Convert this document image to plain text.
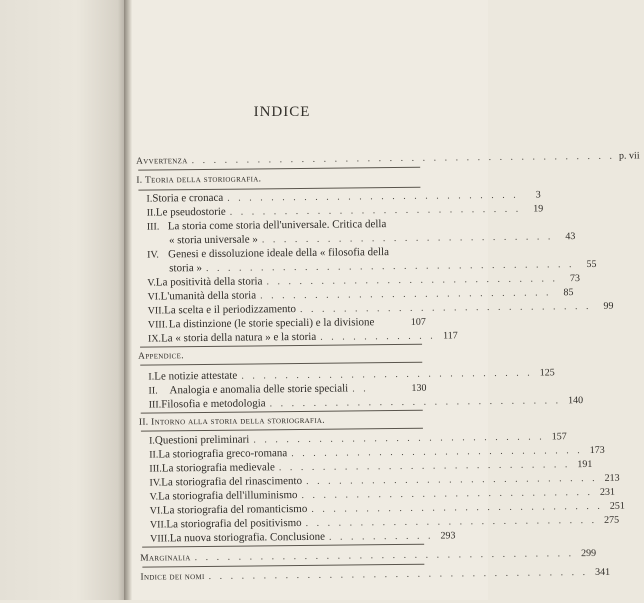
INDICE
Avvertenza . . . . . . . . . . . . . . . . . . . . . . . . . . . . . . . . . . . . . . . p. vii
I. Teoria della storiografia.
I. Storia e cronaca . . . . . . . . . . . . . . . . . . . . . . . . . . .	3
II. Le pseudostorie . . . . . . . . . . . . . . . . . . . . . . . . . . .	19
III. La storia come storia dell'universale. Critica della
« storia universale » . . . . . . . . . . . . . . . . . . . . . . . . . . .	43
IV. Genesi e dissoluzione ideale della « filosofia della
storia » . . . . . . . . . . . . . . . . . . . . . . . . . . . . . . . . . .	55
V. La positività della storia . . . . . . . . . . . . . . . . . . . . . . . . . . .	73
VI. L'umanità della storia . . . . . . . . . . . . . . . . . . . . . . . . . . .	85
VII. La scelta e il periodizzamento . . . . . . . . . . . . . . . . . . . . . . . . . . .	99
VIII. La distinzione (le storie speciali) e la divisione	107
IX. La « storia della natura » e la storia . . . . . . . . . . . 117
Appendice.
I. Le notizie attestate . . . . . . . . . . . . . . . . . . . . . . . . . . . 125
II.	Analogia e anomalia delle storie speciali . .	130
III. Filosofia e metodologia . . . . . . . . . . . . . . . . . . . . . . . . . . . 140
II. Intorno alla storia della storiografia.
I. Questioni preliminari . . . . . . . . . . . . . . . . . . . . . . . . . . . 157
II. La storiografia greco-romana . . . . . . . . . . . . . . . . . . . . . . . . . . . 173
III. La storiografia medievale . . . . . . . . . . . . . . . . . . . . . . . . . . . 191
IV. La storiografia del rinascimento . . . . . . . . . . . . . . . . . . . . . . . . . . . 213
V. La storiografia dell'illuminismo . . . . . . . . . . . . . . . . . . . . . . . . . . . 231
VI. La storiografia del romanticismo . . . . . . . . . . . . . . . . . . . . . . . . . . . 251
VII. La storiografia del positivismo . . . . . . . . . . . . . . . . . . . . . . . . . . . 275
VIII. La nuova storiografia. Conclusione . . . . . . . . . . 293
Marginalia . . . . . . . . . . . . . . . . . . . . . . . . . . . . . . . . . . . 299
Indice dei nomi . . . . . . . . . . . . . . . . . . . . . . . . . . . . . . . . . . . 341
